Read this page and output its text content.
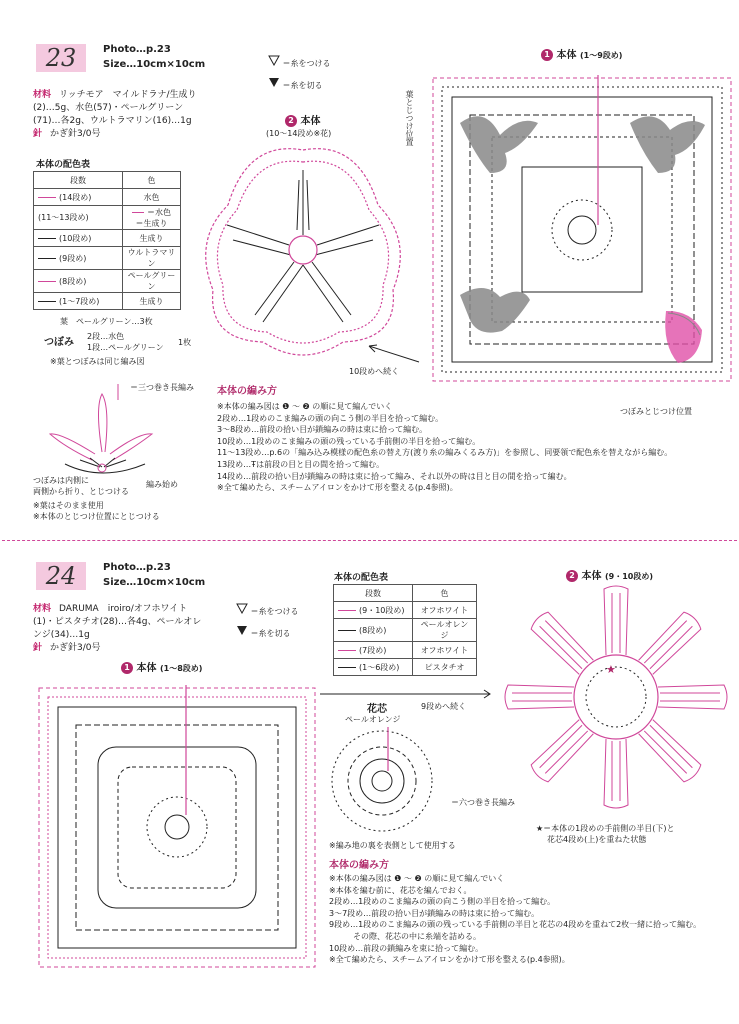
23	Photo…p.23
Size…10cm×10cm
材料 リッチモア　マイルドラナ/生成り
(2)…5g、水色(57)・ペールグリーン
(71)…各2g、ウルトラマリン(16)…1g
針 かぎ針3/0号
＝糸をつける
＝糸を切る
本体の配色表
段数	色
(14段め)	水色
(11〜13段め)	＝水色　＝生成り
(10段め)	生成り
(9段め)	ウルトラマリン
(8段め)	ペールグリーン
(1〜7段め)	生成り
葉　ペールグリーン…3枚
つぼみ
2段…水色
1段…ペールグリーン
1枚
※葉とつぼみは同じ編み図
＝三つ巻き長編み
編み始め
つぼみは内側に
両側から折り、とじつける
※葉はそのまま使用
※本体のとじつけ位置にとじつける
2 本体
(10〜14段め※花)
10段めへ続く
1 本体 (1〜9段め)
葉とじつけ位置
つぼみとじつけ位置
本体の編み方
※本体の編み図は ❶ 〜 ❷ の順に見て編んでいく
2段め…1段めのこま編みの頭の向こう側の半目を拾って編む。
3〜8段め…前段の拾い目が鎖編みの時は束に拾って編む。
10段め…1段めのこま編みの頭の残っている手前側の半目を拾って編む。
11〜13段め…p.6の「編み込み模様の配色糸の替え方(渡り糸の編みくるみ方)」を参照し、同要領で配色糸を替えながら編む。
13段め…Ŧは前段の目と目の間を拾って編む。
14段め…前段の拾い目が鎖編みの時は束に拾って編み、それ以外の時は目と目の間を拾って編む。
※全て編めたら、スチームアイロンをかけて形を整える(p.4参照)。
24	Photo…p.23
Size…10cm×10cm
材料 DARUMA　iroiro/オフホワイト
(1)・ピスタチオ(28)…各4g、ペールオレ
ンジ(34)…1g
針 かぎ針3/0号
＝糸をつける
＝糸を切る
本体の配色表
段数	色
(9・10段め)	オフホワイト
(8段め)	ペールオレンジ
(7段め)	オフホワイト
(1〜6段め)	ピスタチオ
1 本体 (1〜8段め)
花芯
ペールオレンジ
9段めへ続く
＝六つ巻き長編み
※編み地の裏を表側として使用する
2 本体 (9・10段め)
★
★＝本体の1段めの手前側の半目(下)と
花芯4段め(上)を重ねた状態
本体の編み方
※本体の編み図は ❶ 〜 ❷ の順に見て編んでいく
※本体を編む前に、花芯を編んでおく。
2段め…1段めのこま編みの頭の向こう側の半目を拾って編む。
3〜7段め…前段の拾い目が鎖編みの時は束に拾って編む。
9段め…1段めのこま編みの頭の残っている手前側の半目と花芯の4段めを重ねて2枚一緒に拾って編む。
　　　その際、花芯の中に糸端を詰める。
10段め…前段の鎖編みを束に拾って編む。
※全て編めたら、スチームアイロンをかけて形を整える(p.4参照)。
